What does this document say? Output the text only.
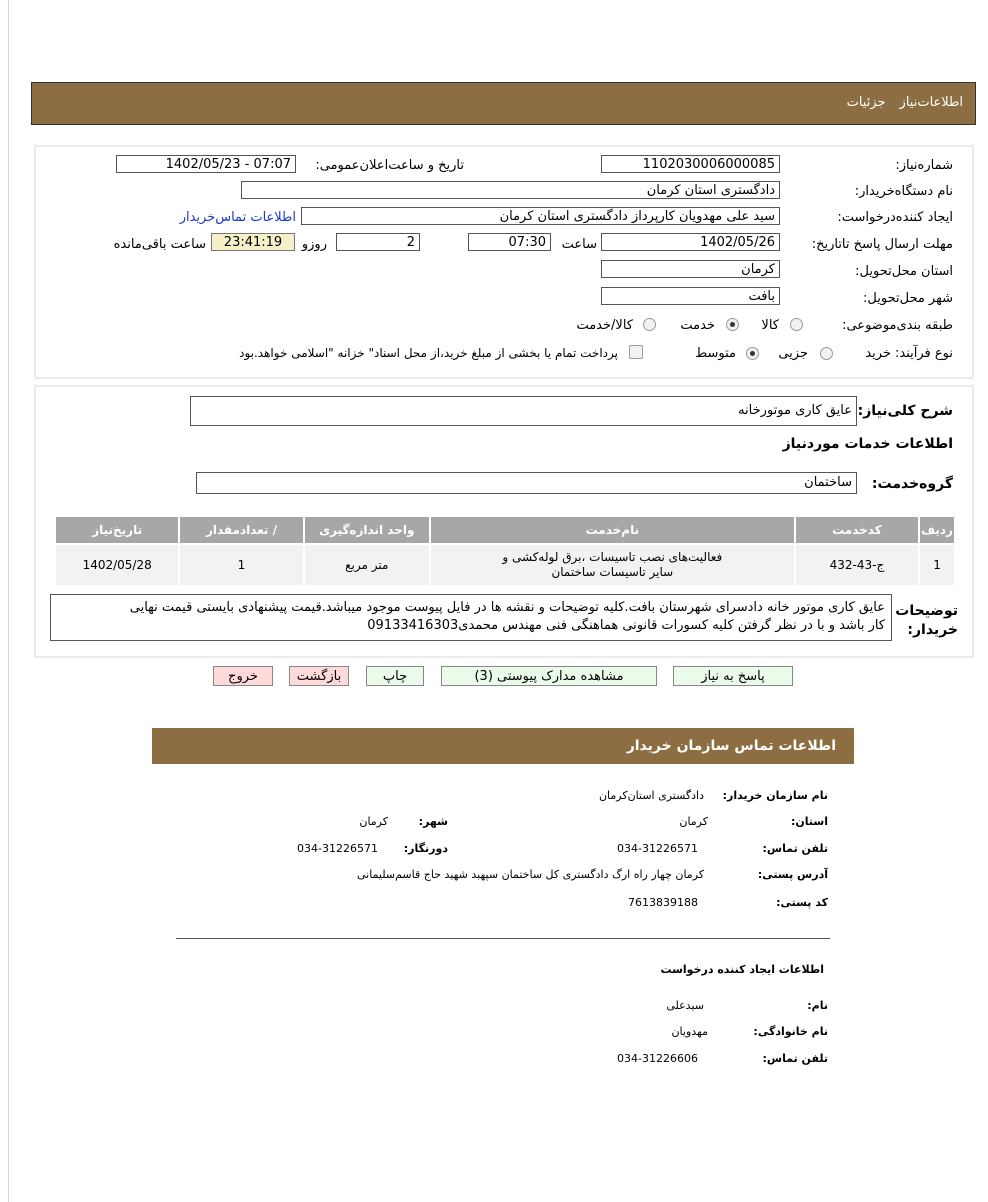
اطلاعات‌نیازجزئیات
شماره‌نیاز:
1102030006000085
تاریخ و ساعت‌اعلان‌عمومی:
1402/05/23 - 07:07
نام دستگاه‌خریدار:
دادگستری استان کرمان
ایجاد کننده‌درخواست:
سید علی مهدویان کارپرداز دادگستری استان کرمان
اطلاعات تماس‌خریدار
مهلت ارسال پاسخ تا‌تاریخ:
1402/05/26
ساعت
07:30
2
روزو
23:41:19
ساعت باقی‌مانده
استان محل‌تحویل:
کرمان
شهر محل‌تحویل:
بافت
طبقه بندی‌موضوعی:
کالا
خدمت
کالا/خدمت
نوع فرآیند:
خرید
جزیی
متوسط
پرداخت تمام یا بخشی از مبلغ خرید،از محل اسناد" خزانه "اسلامی خواهد.بود
شرح کلی‌نیاز:
عایق کاری موتورخانه
اطلاعات خدمات موردنیاز
گروه‌خدمت:
ساختمان
ردیف	کدخدمت	نام‌خدمت	واحد اندازه‌گیری	/ تعدادمقدار	تاریخ‌نیاز
1	ج-43-432	فعالیت‌های نصب تاسیسات ،برق لوله‌کشی و
سایر تاسیسات ساختمان	متر مربع	1	1402/05/28
توضیحات خریدار:
عایق کاری موتور خانه دادسرای شهرستان بافت.کلیه توضیحات و نقشه ها در فایل پیوست موجود میباشد.قیمت پیشنهادی بایستی قیمت نهایی
کار باشد و با در نظر گرفتن کلیه کسورات قانونی هماهنگی فنی مهندس محمدی09133416303
پاسخ به نیاز
مشاهده مدارک پیوستی (3)
چاپ
بازگشت
خروج
اطلاعات تماس سازمان خریدار
نام سازمان خریدار:
دادگستری استان‌کرمان
استان:
کرمان
شهر:
کرمان
تلفن تماس:
034-31226571
دورنگار:
034-31226571
آدرس پستی:
کرمان چهار راه ارگ دادگستری کل ساختمان سپهبد شهید حاج قاسم‌سلیمانی
کد پستی:
7613839188
اطلاعات ایجاد کننده درخواست
نام:
سیدعلی
نام خانوادگی:
مهدویان
تلفن تماس:
034-31226606
